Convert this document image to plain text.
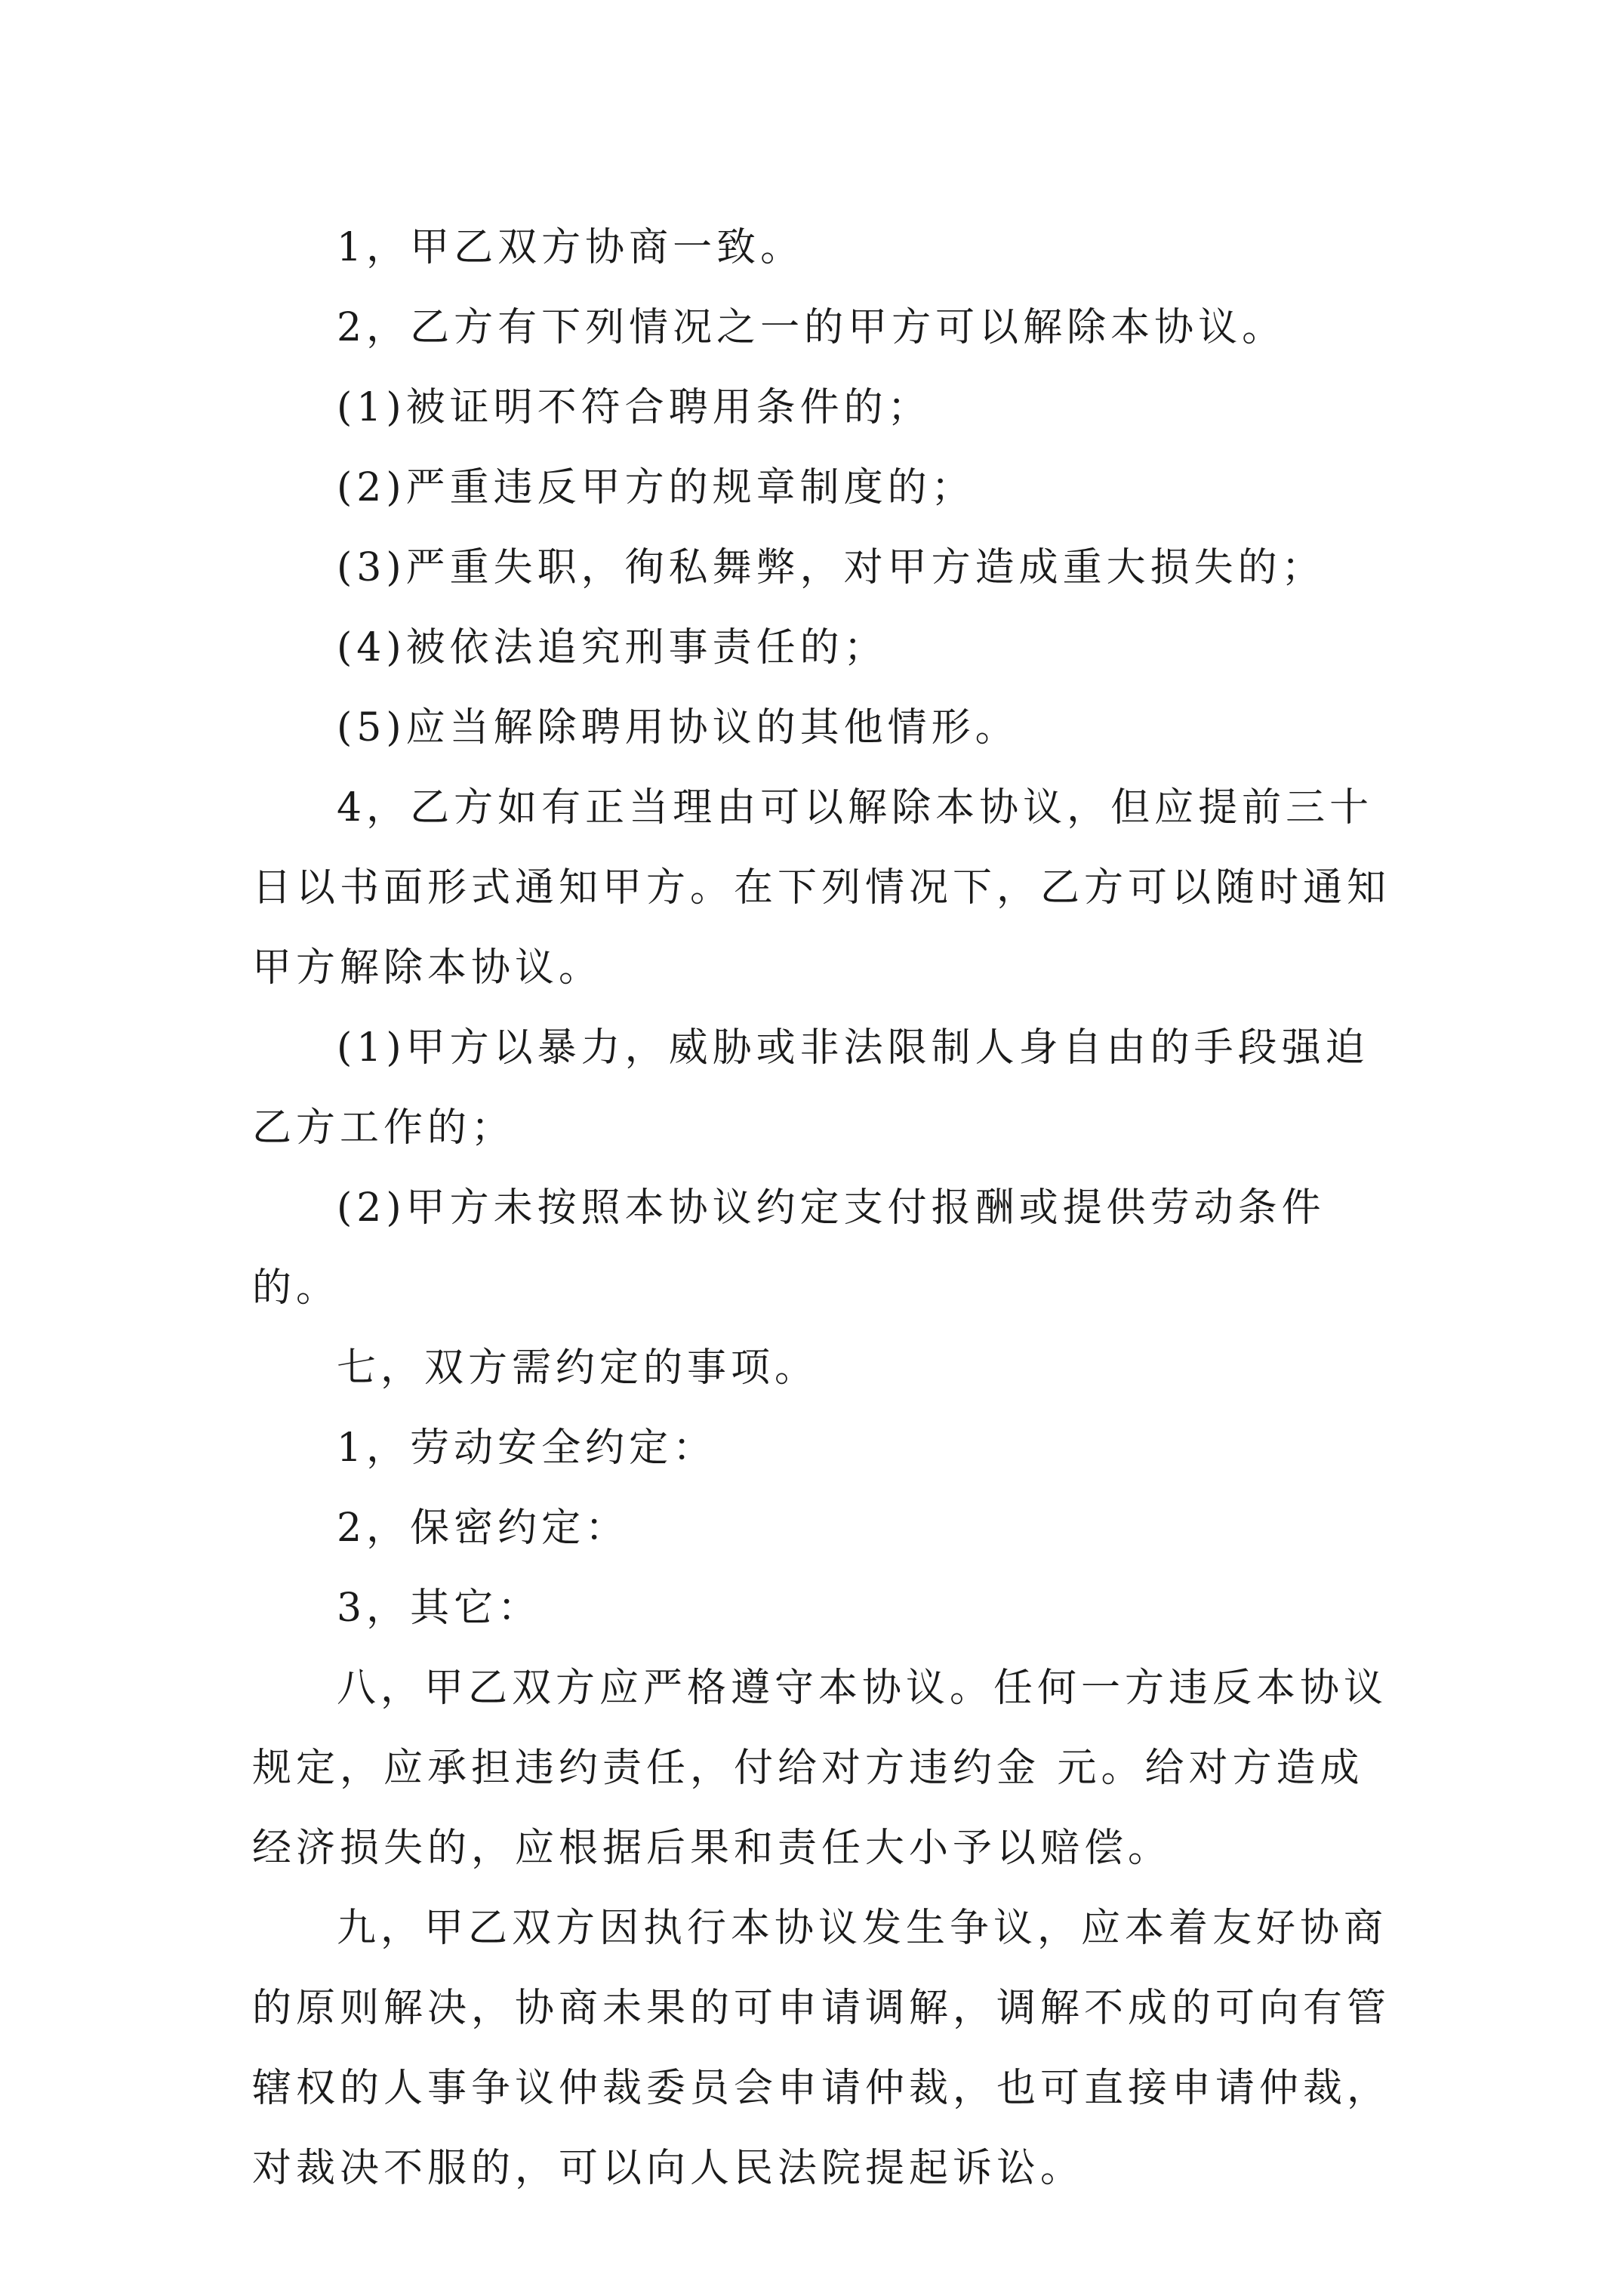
1，甲乙双方协商一致。

2，乙方有下列情况之一的甲方可以解除本协议。

(1)被证明不符合聘用条件的；

(2)严重违反甲方的规章制度的；

(3)严重失职，徇私舞弊，对甲方造成重大损失的；

(4)被依法追究刑事责任的；

(5)应当解除聘用协议的其他情形。

4，乙方如有正当理由可以解除本协议，但应提前三十日以书面形式通知甲方。在下列情况下，乙方可以随时通知甲方解除本协议。

(1)甲方以暴力，威胁或非法限制人身自由的手段强迫乙方工作的；

(2)甲方未按照本协议约定支付报酬或提供劳动条件的。

七，双方需约定的事项。

1，劳动安全约定：

2，保密约定：

3，其它：

八，甲乙双方应严格遵守本协议。任何一方违反本协议规定，应承担违约责任，付给对方违约金 元。给对方造成经济损失的，应根据后果和责任大小予以赔偿。

九，甲乙双方因执行本协议发生争议，应本着友好协商的原则解决，协商未果的可申请调解，调解不成的可向有管辖权的人事争议仲裁委员会申请仲裁，也可直接申请仲裁，对裁决不服的，可以向人民法院提起诉讼。
